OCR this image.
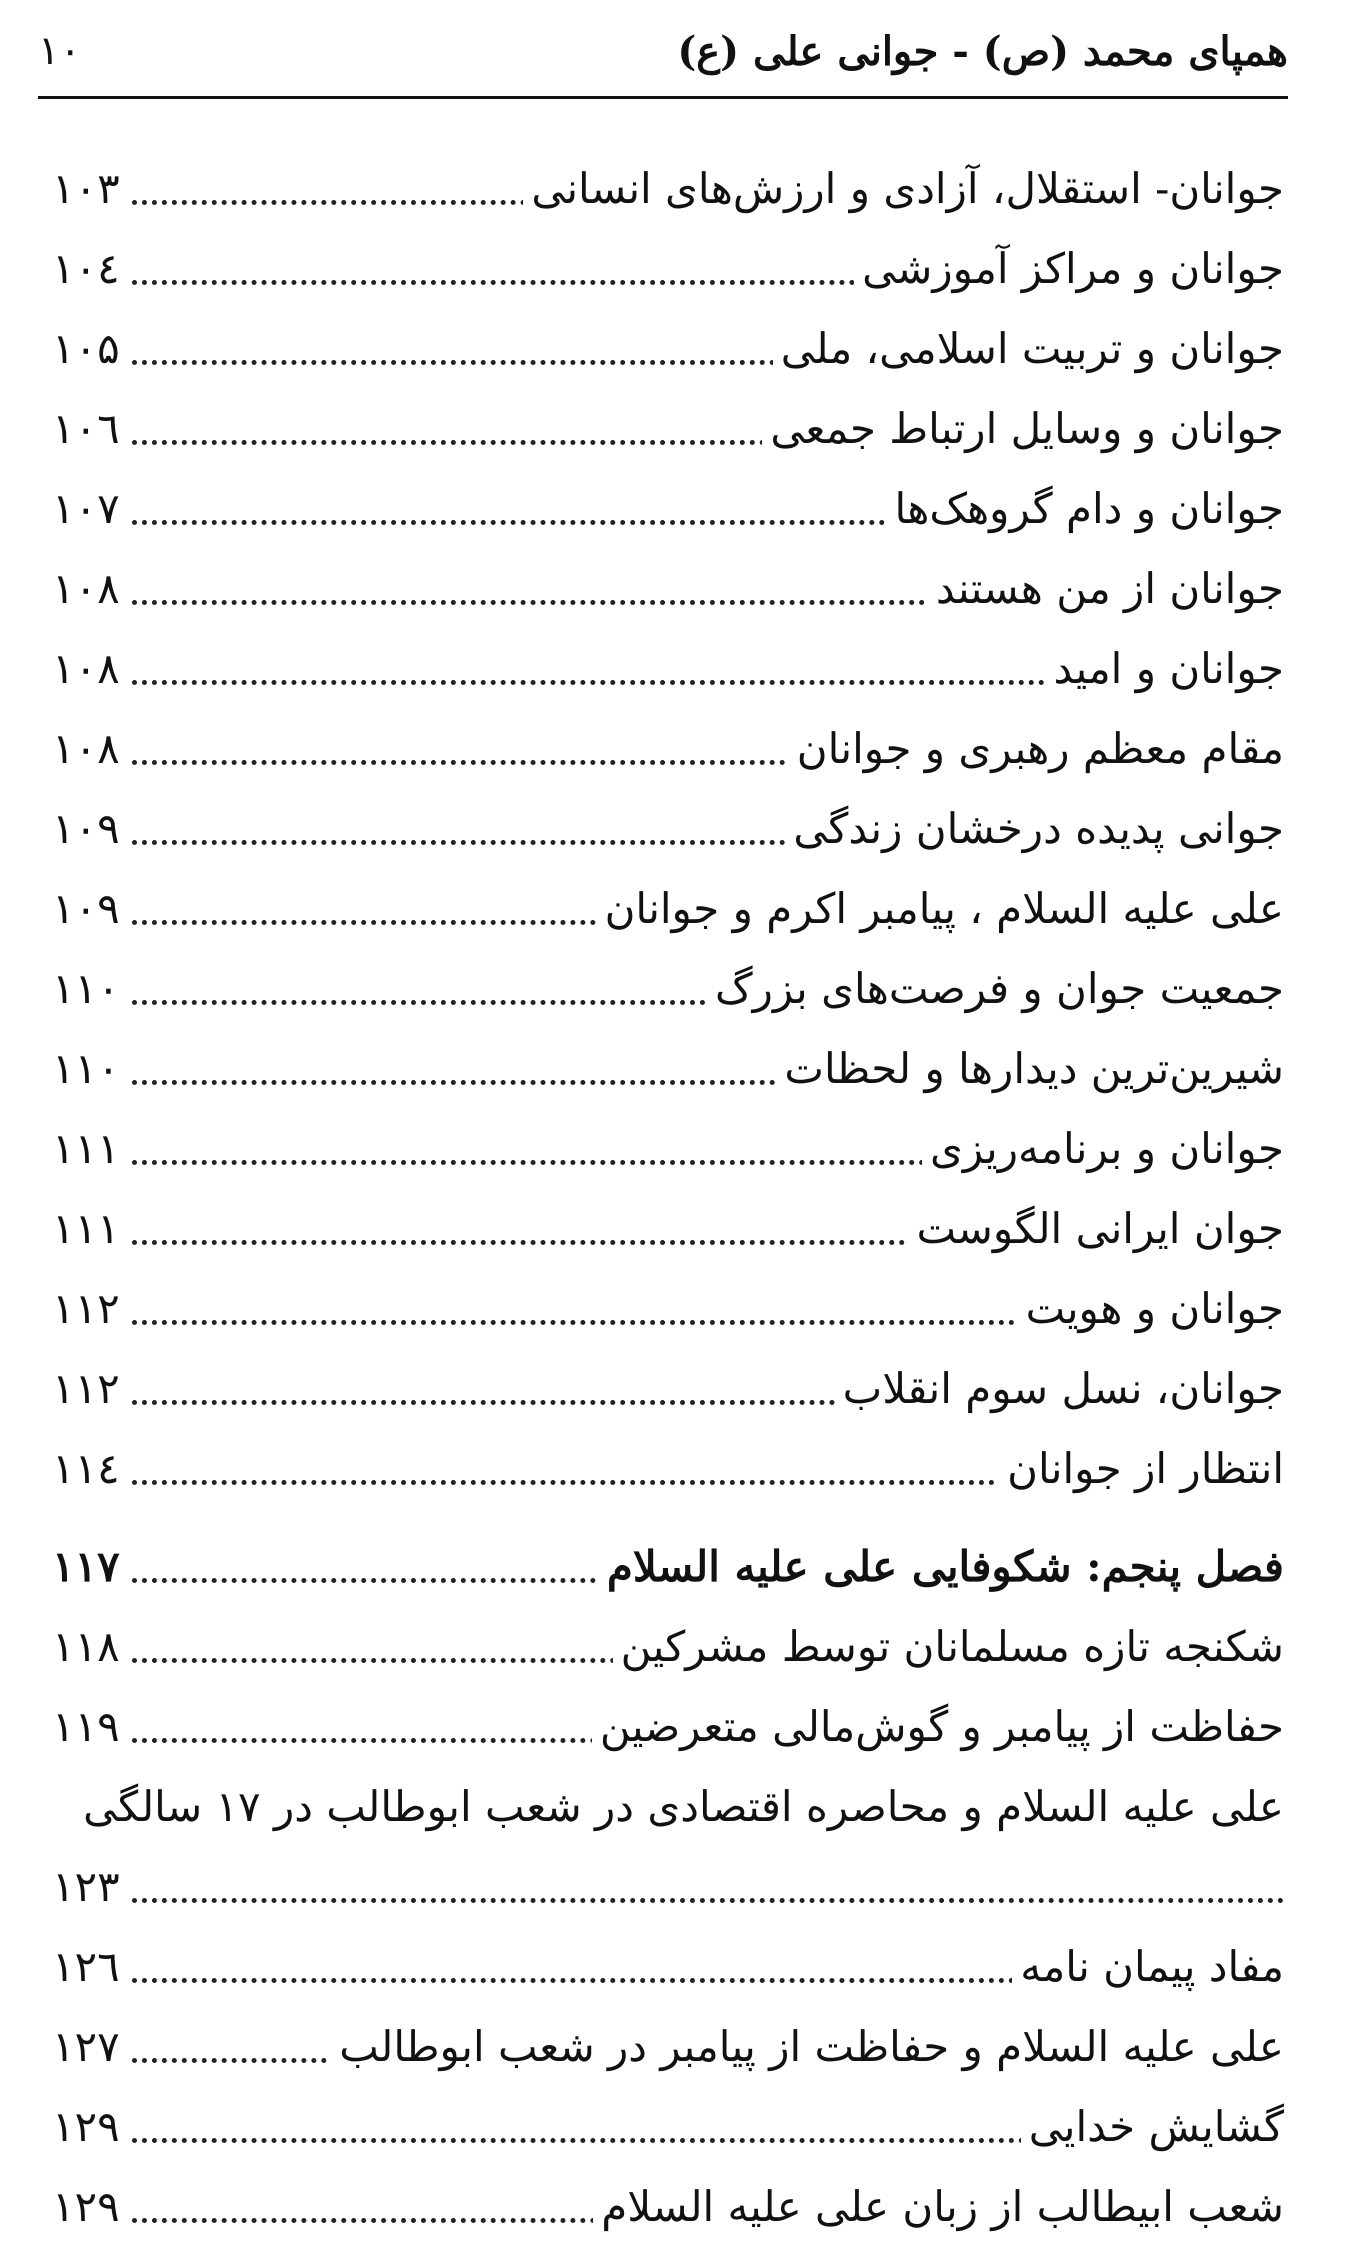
همپای محمد (ص) - جوانی علی (ع)
۱۰
جوانان- استقلال، آزادی و ارزش‌های انسانی
۱۰۳
جوانان و مراکز آموزشی
۱۰٤
جوانان و تربیت اسلامی، ملی
۱۰۵
جوانان و وسایل ارتباط جمعی
۱۰٦
جوانان و دام گروهک‌ها
۱۰۷
جوانان از من هستند
۱۰۸
جوانان و امید
۱۰۸
مقام معظم رهبری و جوانان
۱۰۸
جوانی پدیده درخشان زندگی
۱۰۹
علی علیه السلام ، پیامبر اکرم و جوانان
۱۰۹
جمعیت جوان و فرصت‌های بزرگ
۱۱۰
شیرین‌ترین دیدارها و لحظات
۱۱۰
جوانان و برنامه‌ریزی
۱۱۱
جوان ایرانی الگوست
۱۱۱
جوانان و هویت
۱۱۲
جوانان، نسل سوم انقلاب
۱۱۲
انتظار از جوانان
۱۱٤
فصل پنجم: شکوفایی علی علیه السلام
۱۱۷
شکنجه تازه مسلمانان توسط مشرکین
۱۱۸
حفاظت از پیامبر و گوش‌مالی متعرضین
۱۱۹
علی علیه السلام و محاصره اقتصادی در شعب ابوطالب در ۱۷ سالگی
۱۲۳
مفاد پیمان نامه
۱۲٦
علی علیه السلام و حفاظت از پیامبر در شعب ابوطالب
۱۲۷
گشایش خدایی
۱۲۹
شعب ابیطالب از زبان علی علیه السلام
۱۲۹
